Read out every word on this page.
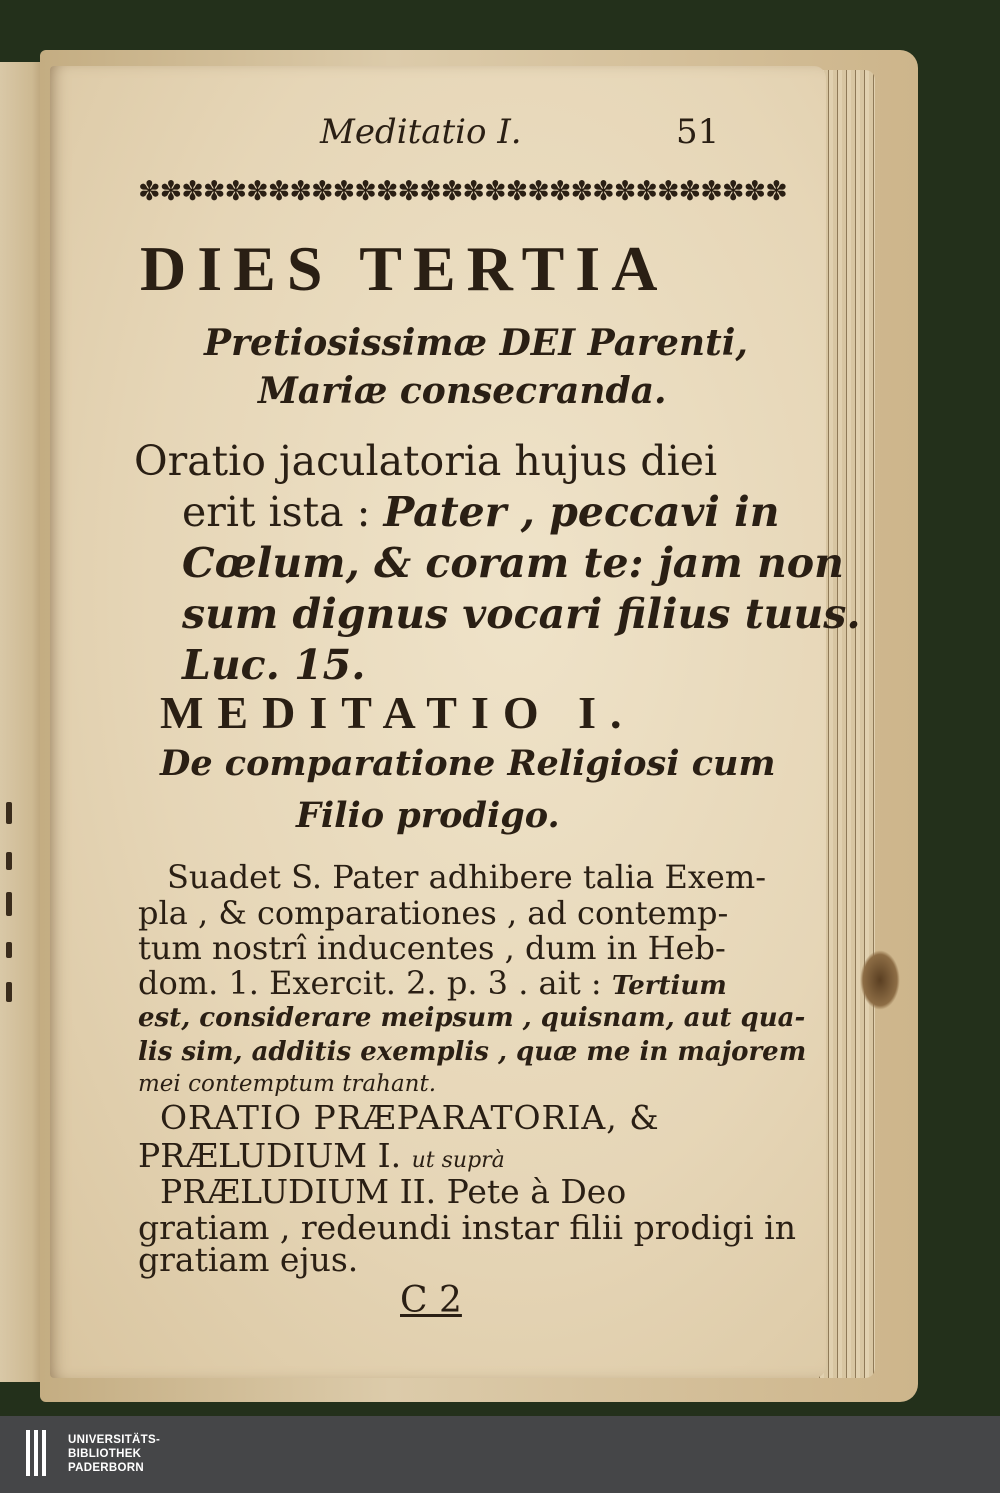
Meditatio I.	51

✽✽✽✽✽✽✽✽✽✽✽✽✽✽✽✽✽✽✽✽✽✽✽✽✽✽✽✽✽✽

DIES TERTIA

Pretiosissimæ DEI Parenti,

Mariæ consecranda.

Oratio jaculatoria hujus diei

erit ista : Pater , peccavi in

Cœlum, & coram te: jam non

sum dignus vocari filius tuus.

Luc. 15.

MEDITATIO I.

De comparatione Religiosi cum

Filio prodigo.

Suadet S. Pater adhibere talia Exem-

pla , & comparationes , ad contemp-

tum nostrî inducentes , dum in Heb-

dom. 1. Exercit. 2. p. 3 . ait : Tertium

est, considerare meipsum , quisnam, aut qua-

lis sim, additis exemplis , quæ me in majorem

mei contemptum trahant.

ORATIO PRÆPARATORIA, &

PRÆLUDIUM I. ut suprà

PRÆLUDIUM II. Pete à Deo

gratiam , redeundi instar filii prodigi in

gratiam ejus.

C 2

UNIVERSITÄTS-
BIBLIOTHEK
PADERBORN
